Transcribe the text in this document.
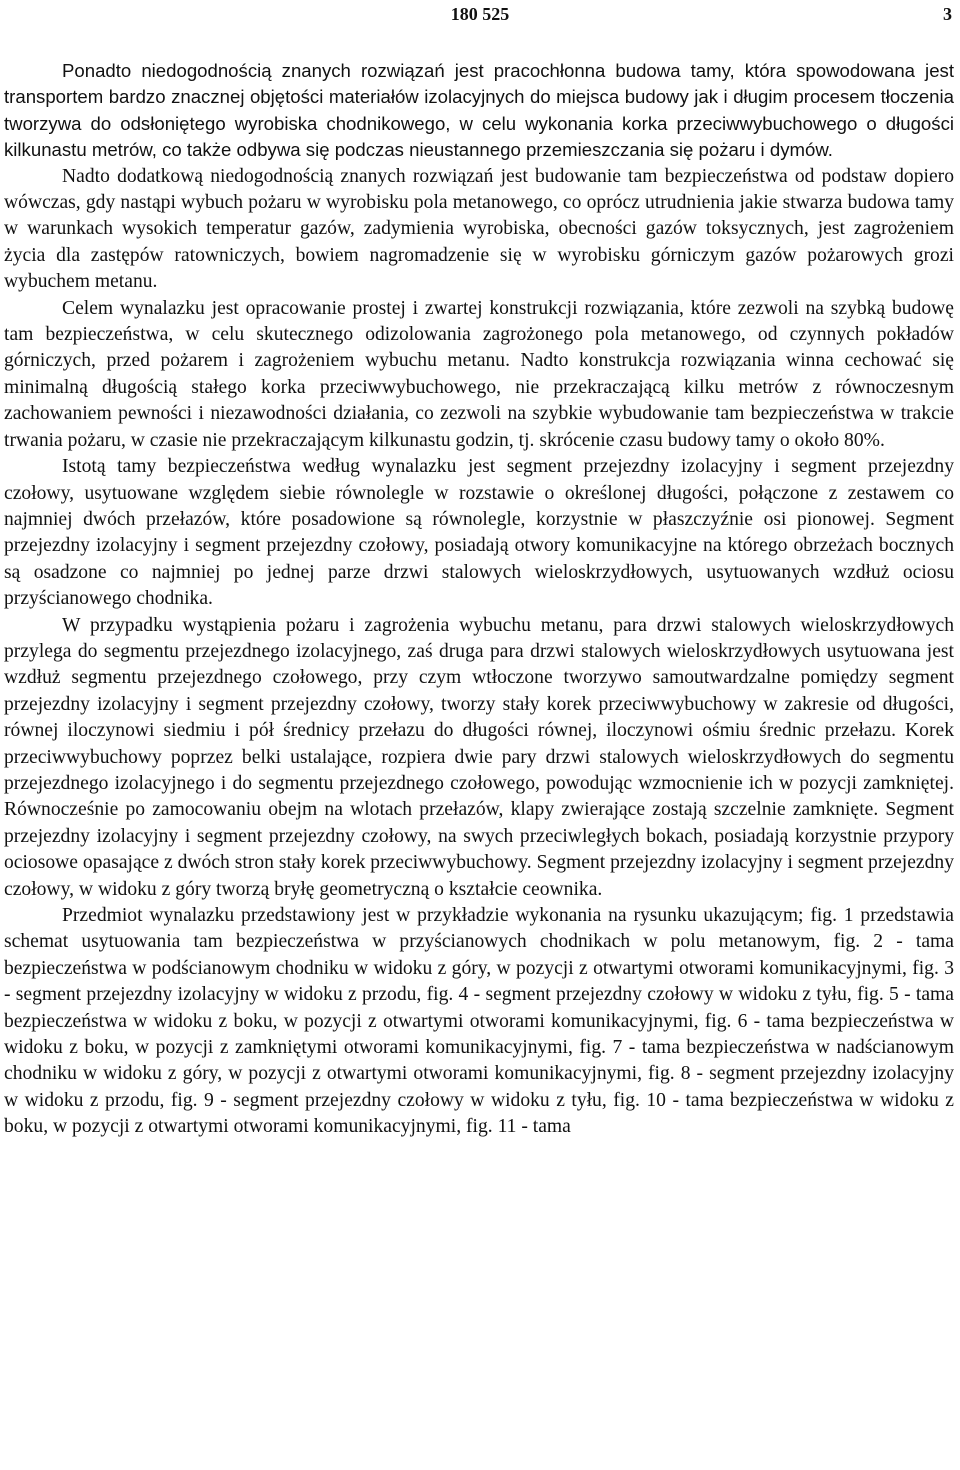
180 525	3

Ponadto niedogodnością znanych rozwiązań jest pracochłonna budowa tamy, która spowodowana jest transportem bardzo znacznej objętości materiałów izolacyjnych do miejsca budowy jak i długim procesem tłoczenia tworzywa do odsłoniętego wyrobiska chodnikowego, w celu wykonania korka przeciwwybuchowego o długości kilkunastu metrów, co także odbywa się podczas nieustannego przemieszczania się pożaru i dymów.

Nadto dodatkową niedogodnością znanych rozwiązań jest budowanie tam bezpieczeństwa od podstaw dopiero wówczas, gdy nastąpi wybuch pożaru w wyrobisku pola metanowego, co oprócz utrudnienia jakie stwarza budowa tamy w warunkach wysokich temperatur gazów, zadymienia wyrobiska, obecności gazów toksycznych, jest zagrożeniem życia dla zastępów ratowniczych, bowiem nagromadzenie się w wyrobisku górniczym gazów pożarowych grozi wybuchem metanu.

Celem wynalazku jest opracowanie prostej i zwartej konstrukcji rozwiązania, które zezwoli na szybką budowę tam bezpieczeństwa, w celu skutecznego odizolowania zagrożonego pola metanowego, od czynnych pokładów górniczych, przed pożarem i zagrożeniem wybuchu metanu. Nadto konstrukcja rozwiązania winna cechować się minimalną długością stałego korka przeciwwybuchowego, nie przekraczającą kilku metrów z równoczesnym zachowaniem pewności i niezawodności działania, co zezwoli na szybkie wybudowanie tam bezpieczeństwa w trakcie trwania pożaru, w czasie nie przekraczającym kilkunastu godzin, tj. skrócenie czasu budowy tamy o około 80%.

Istotą tamy bezpieczeństwa według wynalazku jest segment przejezdny izolacyjny i segment przejezdny czołowy, usytuowane względem siebie równolegle w rozstawie o określonej długości, połączone z zestawem co najmniej dwóch przełazów, które posadowione są równolegle, korzystnie w płaszczyźnie osi pionowej. Segment przejezdny izolacyjny i segment przejezdny czołowy, posiadają otwory komunikacyjne na którego obrzeżach bocznych są osadzone co najmniej po jednej parze drzwi stalowych wieloskrzydłowych, usytuowanych wzdłuż ociosu przyścianowego chodnika.

W przypadku wystąpienia pożaru i zagrożenia wybuchu metanu, para drzwi stalowych wieloskrzydłowych przylega do segmentu przejezdnego izolacyjnego, zaś druga para drzwi stalowych wieloskrzydłowych usytuowana jest wzdłuż segmentu przejezdnego czołowego, przy czym wtłoczone tworzywo samoutwardzalne pomiędzy segment przejezdny izolacyjny i segment przejezdny czołowy, tworzy stały korek przeciwwybuchowy w zakresie od długości, równej iloczynowi siedmiu i pół średnicy przełazu do długości równej, iloczynowi ośmiu średnic przełazu. Korek przeciwwybuchowy poprzez belki ustalające, rozpiera dwie pary drzwi stalowych wieloskrzydłowych do segmentu przejezdnego izolacyjnego i do segmentu przejezdnego czołowego, powodując wzmocnienie ich w pozycji zamkniętej. Równocześnie po zamocowaniu obejm na wlotach przełazów, klapy zwierające zostają szczelnie zamknięte. Segment przejezdny izolacyjny i segment przejezdny czołowy, na swych przeciwległych bokach, posiadają korzystnie przypory ociosowe opasające z dwóch stron stały korek przeciwwybuchowy. Segment przejezdny izolacyjny i segment przejezdny czołowy, w widoku z góry tworzą bryłę geometryczną o kształcie ceownika.

Przedmiot wynalazku przedstawiony jest w przykładzie wykonania na rysunku ukazującym; fig. 1 przedstawia schemat usytuowania tam bezpieczeństwa w przyścianowych chodnikach w polu metanowym, fig. 2 - tama bezpieczeństwa w podścianowym chodniku w widoku z góry, w pozycji z otwartymi otworami komunikacyjnymi, fig. 3 - segment przejezdny izolacyjny w widoku z przodu, fig. 4 - segment przejezdny czołowy w widoku z tyłu, fig. 5 - tama bezpieczeństwa w widoku z boku, w pozycji z otwartymi otworami komunikacyjnymi, fig. 6 - tama bezpieczeństwa w widoku z boku, w pozycji z zamkniętymi otworami komunikacyjnymi, fig. 7 - tama bezpieczeństwa w nadścianowym chodniku w widoku z góry, w pozycji z otwartymi otworami komunikacyjnymi, fig. 8 - segment przejezdny izolacyjny w widoku z przodu, fig. 9 - segment przejezdny czołowy w widoku z tyłu, fig. 10 - tama bezpieczeństwa w widoku z boku, w pozycji z otwartymi otworami komunikacyjnymi, fig. 11 - tama
